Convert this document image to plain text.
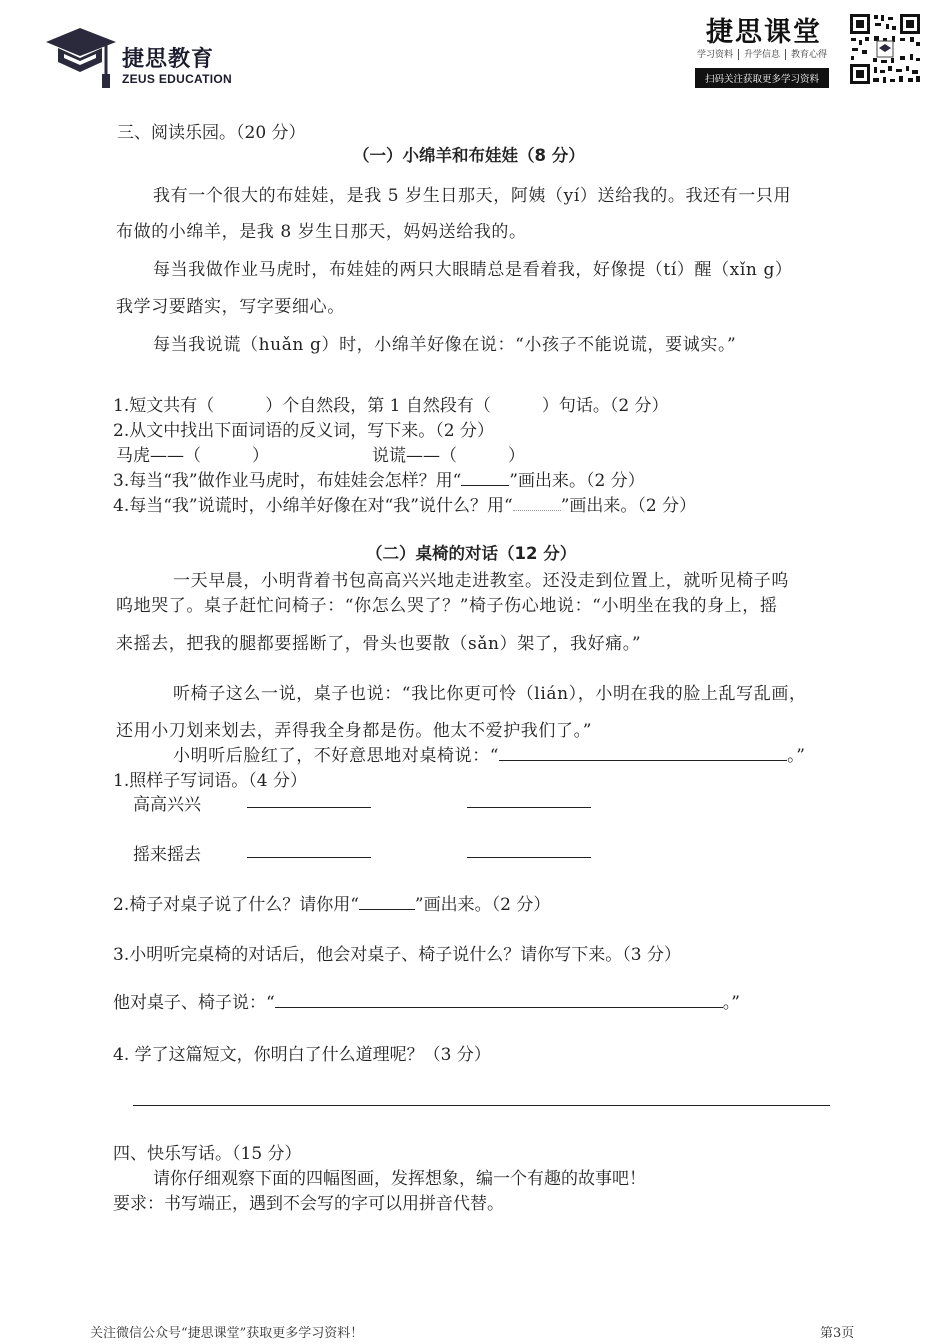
捷思教育
ZEUS EDUCATION
捷思课堂
学习资料 升学信息 教育心得
扫码关注获取更多学习资料
三、阅读乐园。（20 分）
（一）小绵羊和布娃娃（8 分）
我有一个很大的布娃娃，是我 5 岁生日那天，阿姨（yí）送给我的。我还有一只用
布做的小绵羊，是我 8 岁生日那天，妈妈送给我的。
每当我做作业马虎时，布娃娃的两只大眼睛总是看着我，好像提（tí）醒（xǐn g）
我学习要踏实，写字要细心。
每当我说谎（huǎn g）时，小绵羊好像在说：“小孩子不能说谎，要诚实。”
1.短文共有（　　　）个自然段，第 1 自然段有（　　　）句话。（2 分）
2.从文中找出下面词语的反义词，写下来。（2 分）
马虎——（　　　）	说谎——（　　　）
3.每当“我”做作业马虎时，布娃娃会怎样？用“	”画出来。（2 分）
4.每当“我”说谎时，小绵羊好像在对“我”说什么？用“	”画出来。（2 分）
（二）桌椅的对话（12 分）
一天早晨，小明背着书包高高兴兴地走进教室。还没走到位置上，就听见椅子呜
呜地哭了。桌子赶忙问椅子：“你怎么哭了？”椅子伤心地说：“小明坐在我的身上，摇
来摇去，把我的腿都要摇断了，骨头也要散（sǎn）架了，我好痛。”
听椅子这么一说，桌子也说：“我比你更可怜（lián），小明在我的脸上乱写乱画，
还用小刀划来划去，弄得我全身都是伤。他太不爱护我们了。”
小明听后脸红了，不好意思地对桌椅说：“	。”
1.照样子写词语。（4 分）
高高兴兴
摇来摇去
2.椅子对桌子说了什么？请你用“	”画出来。（2 分）
3.小明听完桌椅的对话后，他会对桌子、椅子说什么？请你写下来。（3 分）
他对桌子、椅子说：“	。”
4. 学了这篇短文，你明白了什么道理呢？（3 分）
四、快乐写话。（15 分）
请你仔细观察下面的四幅图画，发挥想象，编一个有趣的故事吧！
要求：书写端正，遇到不会写的字可以用拼音代替。
关注微信公众号“捷思课堂”获取更多学习资料！	第3页
